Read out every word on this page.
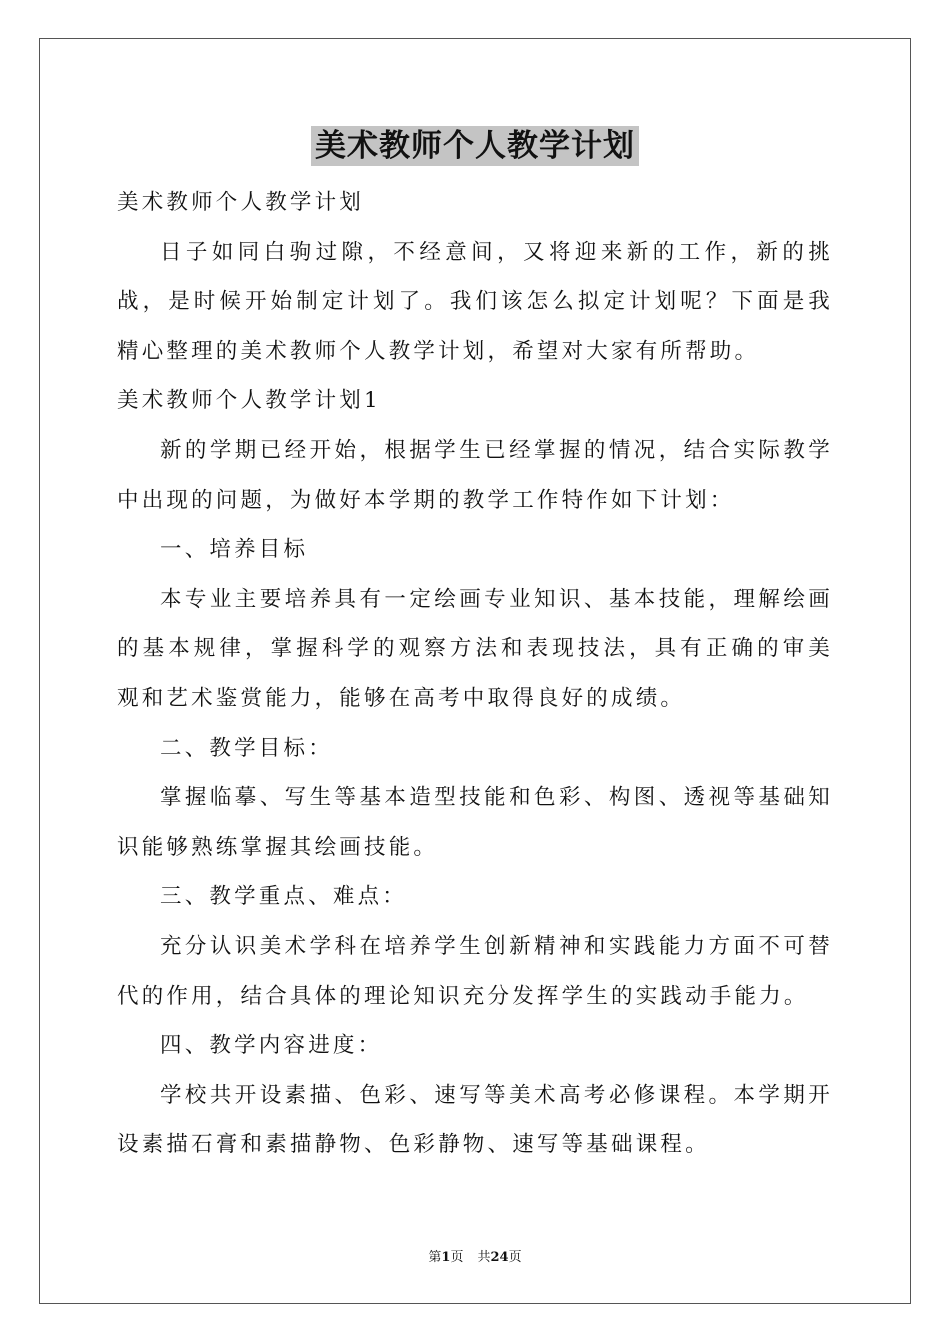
美术教师个人教学计划

美术教师个人教学计划

日子如同白驹过隙，不经意间，又将迎来新的工作，新的挑战，是时候开始制定计划了。我们该怎么拟定计划呢？下面是我精心整理的美术教师个人教学计划，希望对大家有所帮助。

美术教师个人教学计划1

新的学期已经开始，根据学生已经掌握的情况，结合实际教学中出现的问题，为做好本学期的教学工作特作如下计划：

一、培养目标

本专业主要培养具有一定绘画专业知识、基本技能，理解绘画的基本规律，掌握科学的观察方法和表现技法，具有正确的审美观和艺术鉴赏能力，能够在高考中取得良好的成绩。

二、教学目标：

掌握临摹、写生等基本造型技能和色彩、构图、透视等基础知识能够熟练掌握其绘画技能。

三、教学重点、难点：

充分认识美术学科在培养学生创新精神和实践能力方面不可替代的作用，结合具体的理论知识充分发挥学生的实践动手能力。

四、教学内容进度：

学校共开设素描、色彩、速写等美术高考必修课程。本学期开设素描石膏和素描静物、色彩静物、速写等基础课程。

第1页 共24页
